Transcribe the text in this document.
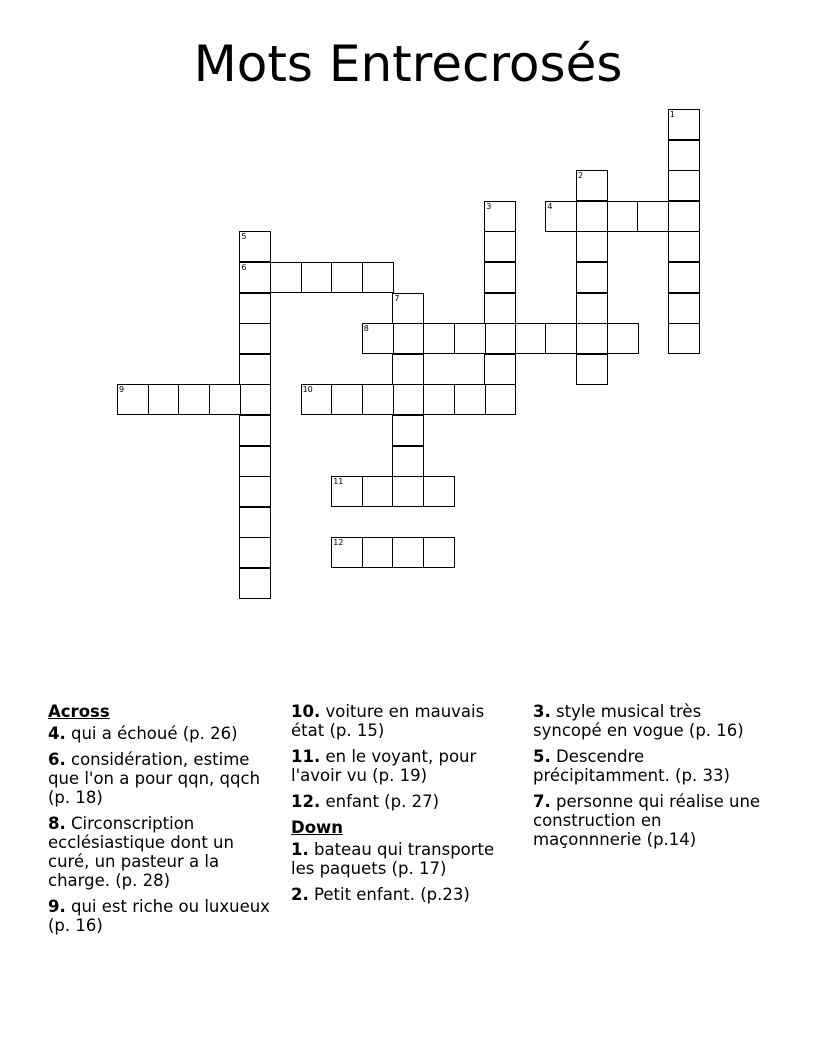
Mots Entrecrosés
1
2
3	4
5
6
7
8
9	10
11
12
Across
4. qui a échoué (p. 26)
6. considération, estime que l'on a pour qqn, qqch (p. 18)
8. Circonscription ecclésiastique dont un curé, un pasteur a la charge. (p. 28)
9. qui est riche ou luxueux (p. 16)
10. voiture en mauvais état (p. 15)
11. en le voyant, pour l'avoir vu (p. 19)
12. enfant (p. 27)
Down
1. bateau qui transporte les paquets (p. 17)
2. Petit enfant. (p.23)
3. style musical très syncopé en vogue (p. 16)
5. Descendre précipitamment. (p. 33)
7. personne qui réalise une construction en maçonnnerie (p.14)
